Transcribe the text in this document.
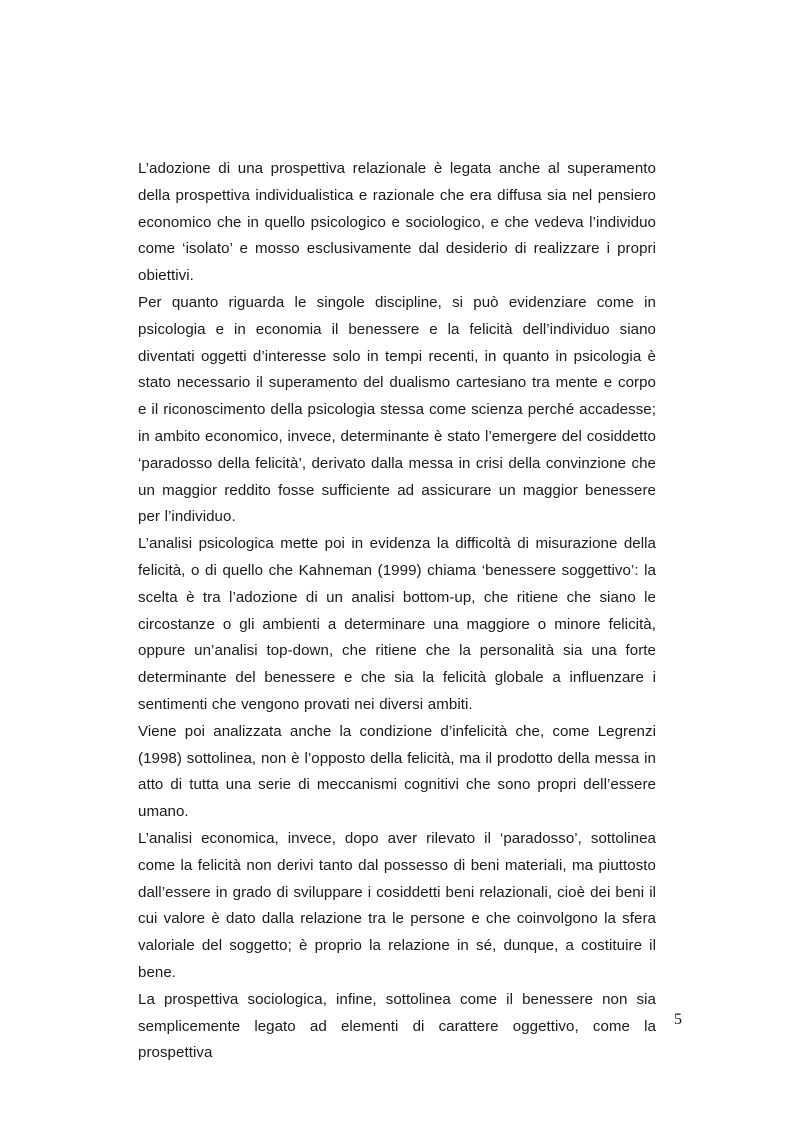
L’adozione di una prospettiva relazionale è legata anche al superamento della prospettiva individualistica e razionale che era diffusa sia nel pensiero economico che in quello psicologico e sociologico, e che vedeva l’individuo come ‘isolato’ e mosso esclusivamente dal desiderio di realizzare i propri obiettivi.

Per quanto riguarda le singole discipline, si può evidenziare come in psicologia e in economia il benessere e la felicità dell’individuo siano diventati oggetti d’interesse solo in tempi recenti, in quanto in psicologia è stato necessario il superamento del dualismo cartesiano tra mente e corpo e il riconoscimento della psicologia stessa come scienza perché accadesse; in ambito economico, invece, determinante è stato l’emergere del cosiddetto ‘paradosso della felicità’, derivato dalla messa in crisi della convinzione che un maggior reddito fosse sufficiente ad assicurare un maggior benessere per l’individuo.

L’analisi psicologica mette poi in evidenza la difficoltà di misurazione della felicità, o di quello che Kahneman (1999) chiama ‘benessere soggettivo’: la scelta è tra l’adozione di un analisi bottom-up, che ritiene che siano le circostanze o gli ambienti a determinare una maggiore o minore felicità, oppure un’analisi top-down, che ritiene che la personalità sia una forte determinante del benessere e che sia la felicità globale a influenzare i sentimenti che vengono provati nei diversi ambiti.

Viene poi analizzata anche la condizione d’infelicità che, come Legrenzi (1998) sottolinea, non è l’opposto della felicità, ma il prodotto della messa in atto di tutta una serie di meccanismi cognitivi che sono propri dell’essere umano.

L’analisi economica, invece, dopo aver rilevato il ‘paradosso’, sottolinea come la felicità non derivi tanto dal possesso di beni materiali, ma piuttosto dall’essere in grado di sviluppare i cosiddetti beni relazionali, cioè dei beni il cui valore è dato dalla relazione tra le persone e che coinvolgono la sfera valoriale del soggetto; è proprio la relazione in sé, dunque, a costituire il bene.

La prospettiva sociologica, infine, sottolinea come il benessere non sia semplicemente legato ad elementi di carattere oggettivo, come la prospettiva

5
